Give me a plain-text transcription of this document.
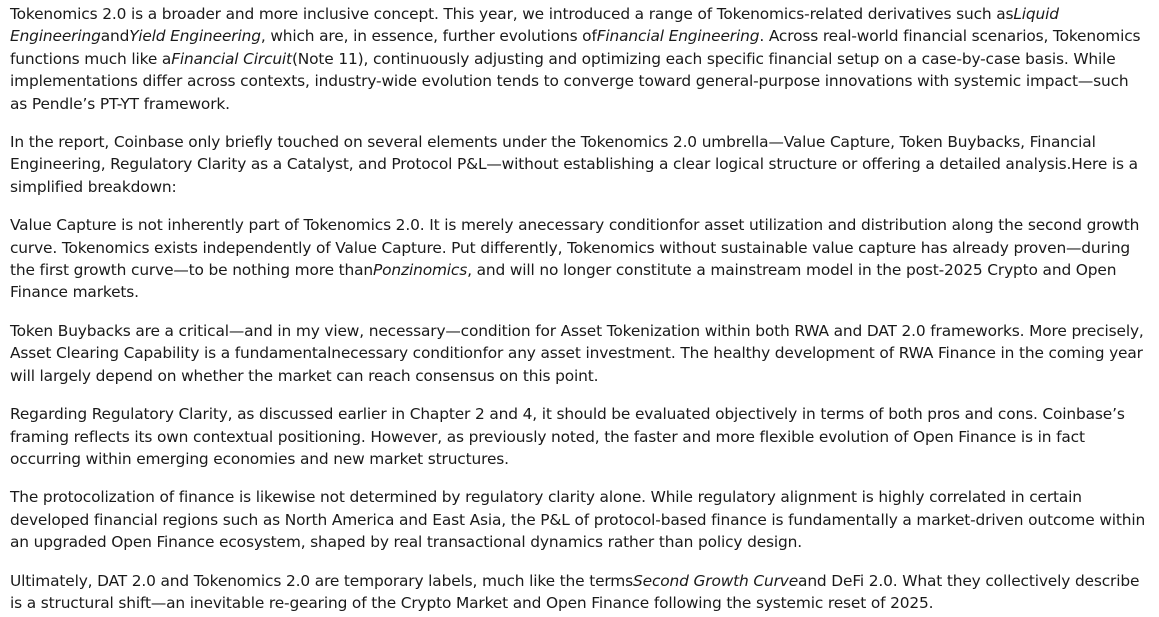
Tokenomics 2.0 is a broader and more inclusive concept. This year, we introduced a range of Tokenomics-related derivatives such asLiquid EngineeringandYield Engineering, which are, in essence, further evolutions ofFinancial Engineering. Across real-world financial scenarios, Tokenomics functions much like aFinancial Circuit(Note 11), continuously adjusting and optimizing each specific financial setup on a case-by-case basis. While implementations differ across contexts, industry-wide evolution tends to converge toward general-purpose innovations with systemic impact—such as Pendle’s PT-YT framework.

In the report, Coinbase only briefly touched on several elements under the Tokenomics 2.0 umbrella—Value Capture, Token Buybacks, Financial Engineering, Regulatory Clarity as a Catalyst, and Protocol P&L—without establishing a clear logical structure or offering a detailed analysis.Here is a simplified breakdown:

Value Capture is not inherently part of Tokenomics 2.0. It is merely anecessary conditionfor asset utilization and distribution along the second growth curve. Tokenomics exists independently of Value Capture. Put differently, Tokenomics without sustainable value capture has already proven—during the first growth curve—to be nothing more thanPonzinomics, and will no longer constitute a mainstream model in the post-2025 Crypto and Open Finance markets.

Token Buybacks are a critical—and in my view, necessary—condition for Asset Tokenization within both RWA and DAT 2.0 frameworks. More precisely, Asset Clearing Capability is a fundamentalnecessary conditionfor any asset investment. The healthy development of RWA Finance in the coming year will largely depend on whether the market can reach consensus on this point.

Regarding Regulatory Clarity, as discussed earlier in Chapter 2 and 4, it should be evaluated objectively in terms of both pros and cons. Coinbase’s framing reflects its own contextual positioning. However, as previously noted, the faster and more flexible evolution of Open Finance is in fact occurring within emerging economies and new market structures.

The protocolization of finance is likewise not determined by regulatory clarity alone. While regulatory alignment is highly correlated in certain developed financial regions such as North America and East Asia, the P&L of protocol-based finance is fundamentally a market-driven outcome within an upgraded Open Finance ecosystem, shaped by real transactional dynamics rather than policy design.

Ultimately, DAT 2.0 and Tokenomics 2.0 are temporary labels, much like the termsSecond Growth Curveand DeFi 2.0. What they collectively describe is a structural shift—an inevitable re-gearing of the Crypto Market and Open Finance following the systemic reset of 2025.
